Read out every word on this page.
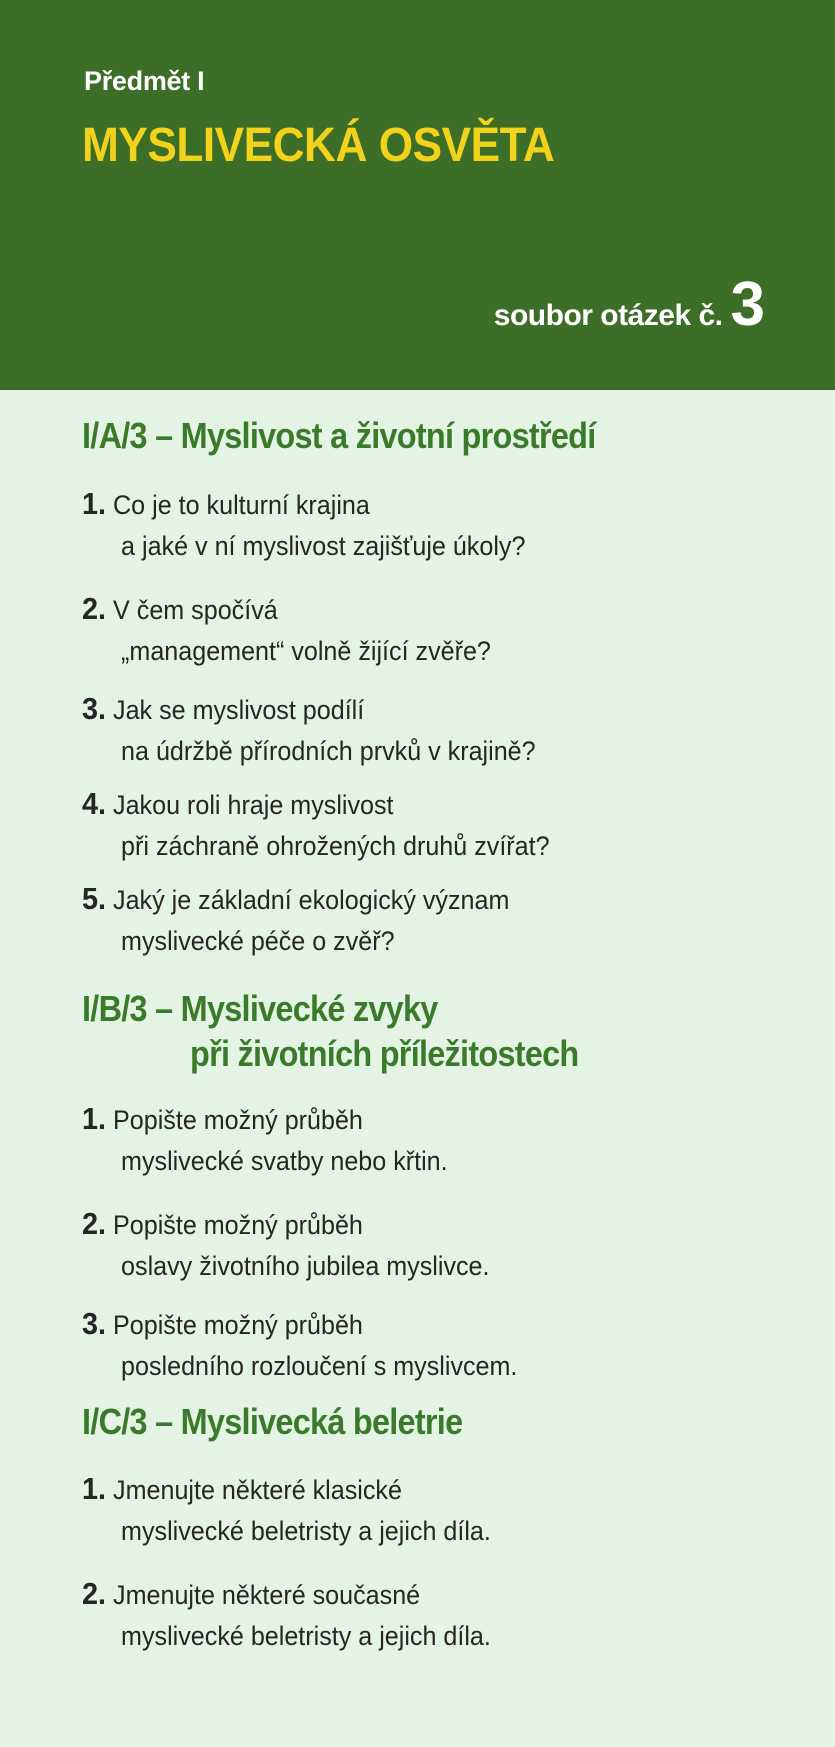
Předmět I
MYSLIVECKÁ OSVĚTA
soubor otázek č. 3
I/A/3 – Myslivost a životní prostředí
1. Co je to kulturní krajina
a jaké v ní myslivost zajišťuje úkoly?
2. V čem spočívá
„management“ volně žijící zvěře?
3. Jak se myslivost podílí
na údržbě přírodních prvků v krajině?
4. Jakou roli hraje myslivost
při záchraně ohrožených druhů zvířat?
5. Jaký je základní ekologický význam
myslivecké péče o zvěř?
I/B/3 – Myslivecké zvyky
při životních příležitostech
1. Popište možný průběh
myslivecké svatby nebo křtin.
2. Popište možný průběh
oslavy životního jubilea myslivce.
3. Popište možný průběh
posledního rozloučení s myslivcem.
I/C/3 – Myslivecká beletrie
1. Jmenujte některé klasické
myslivecké beletristy a jejich díla.
2. Jmenujte některé současné
myslivecké beletristy a jejich díla.
